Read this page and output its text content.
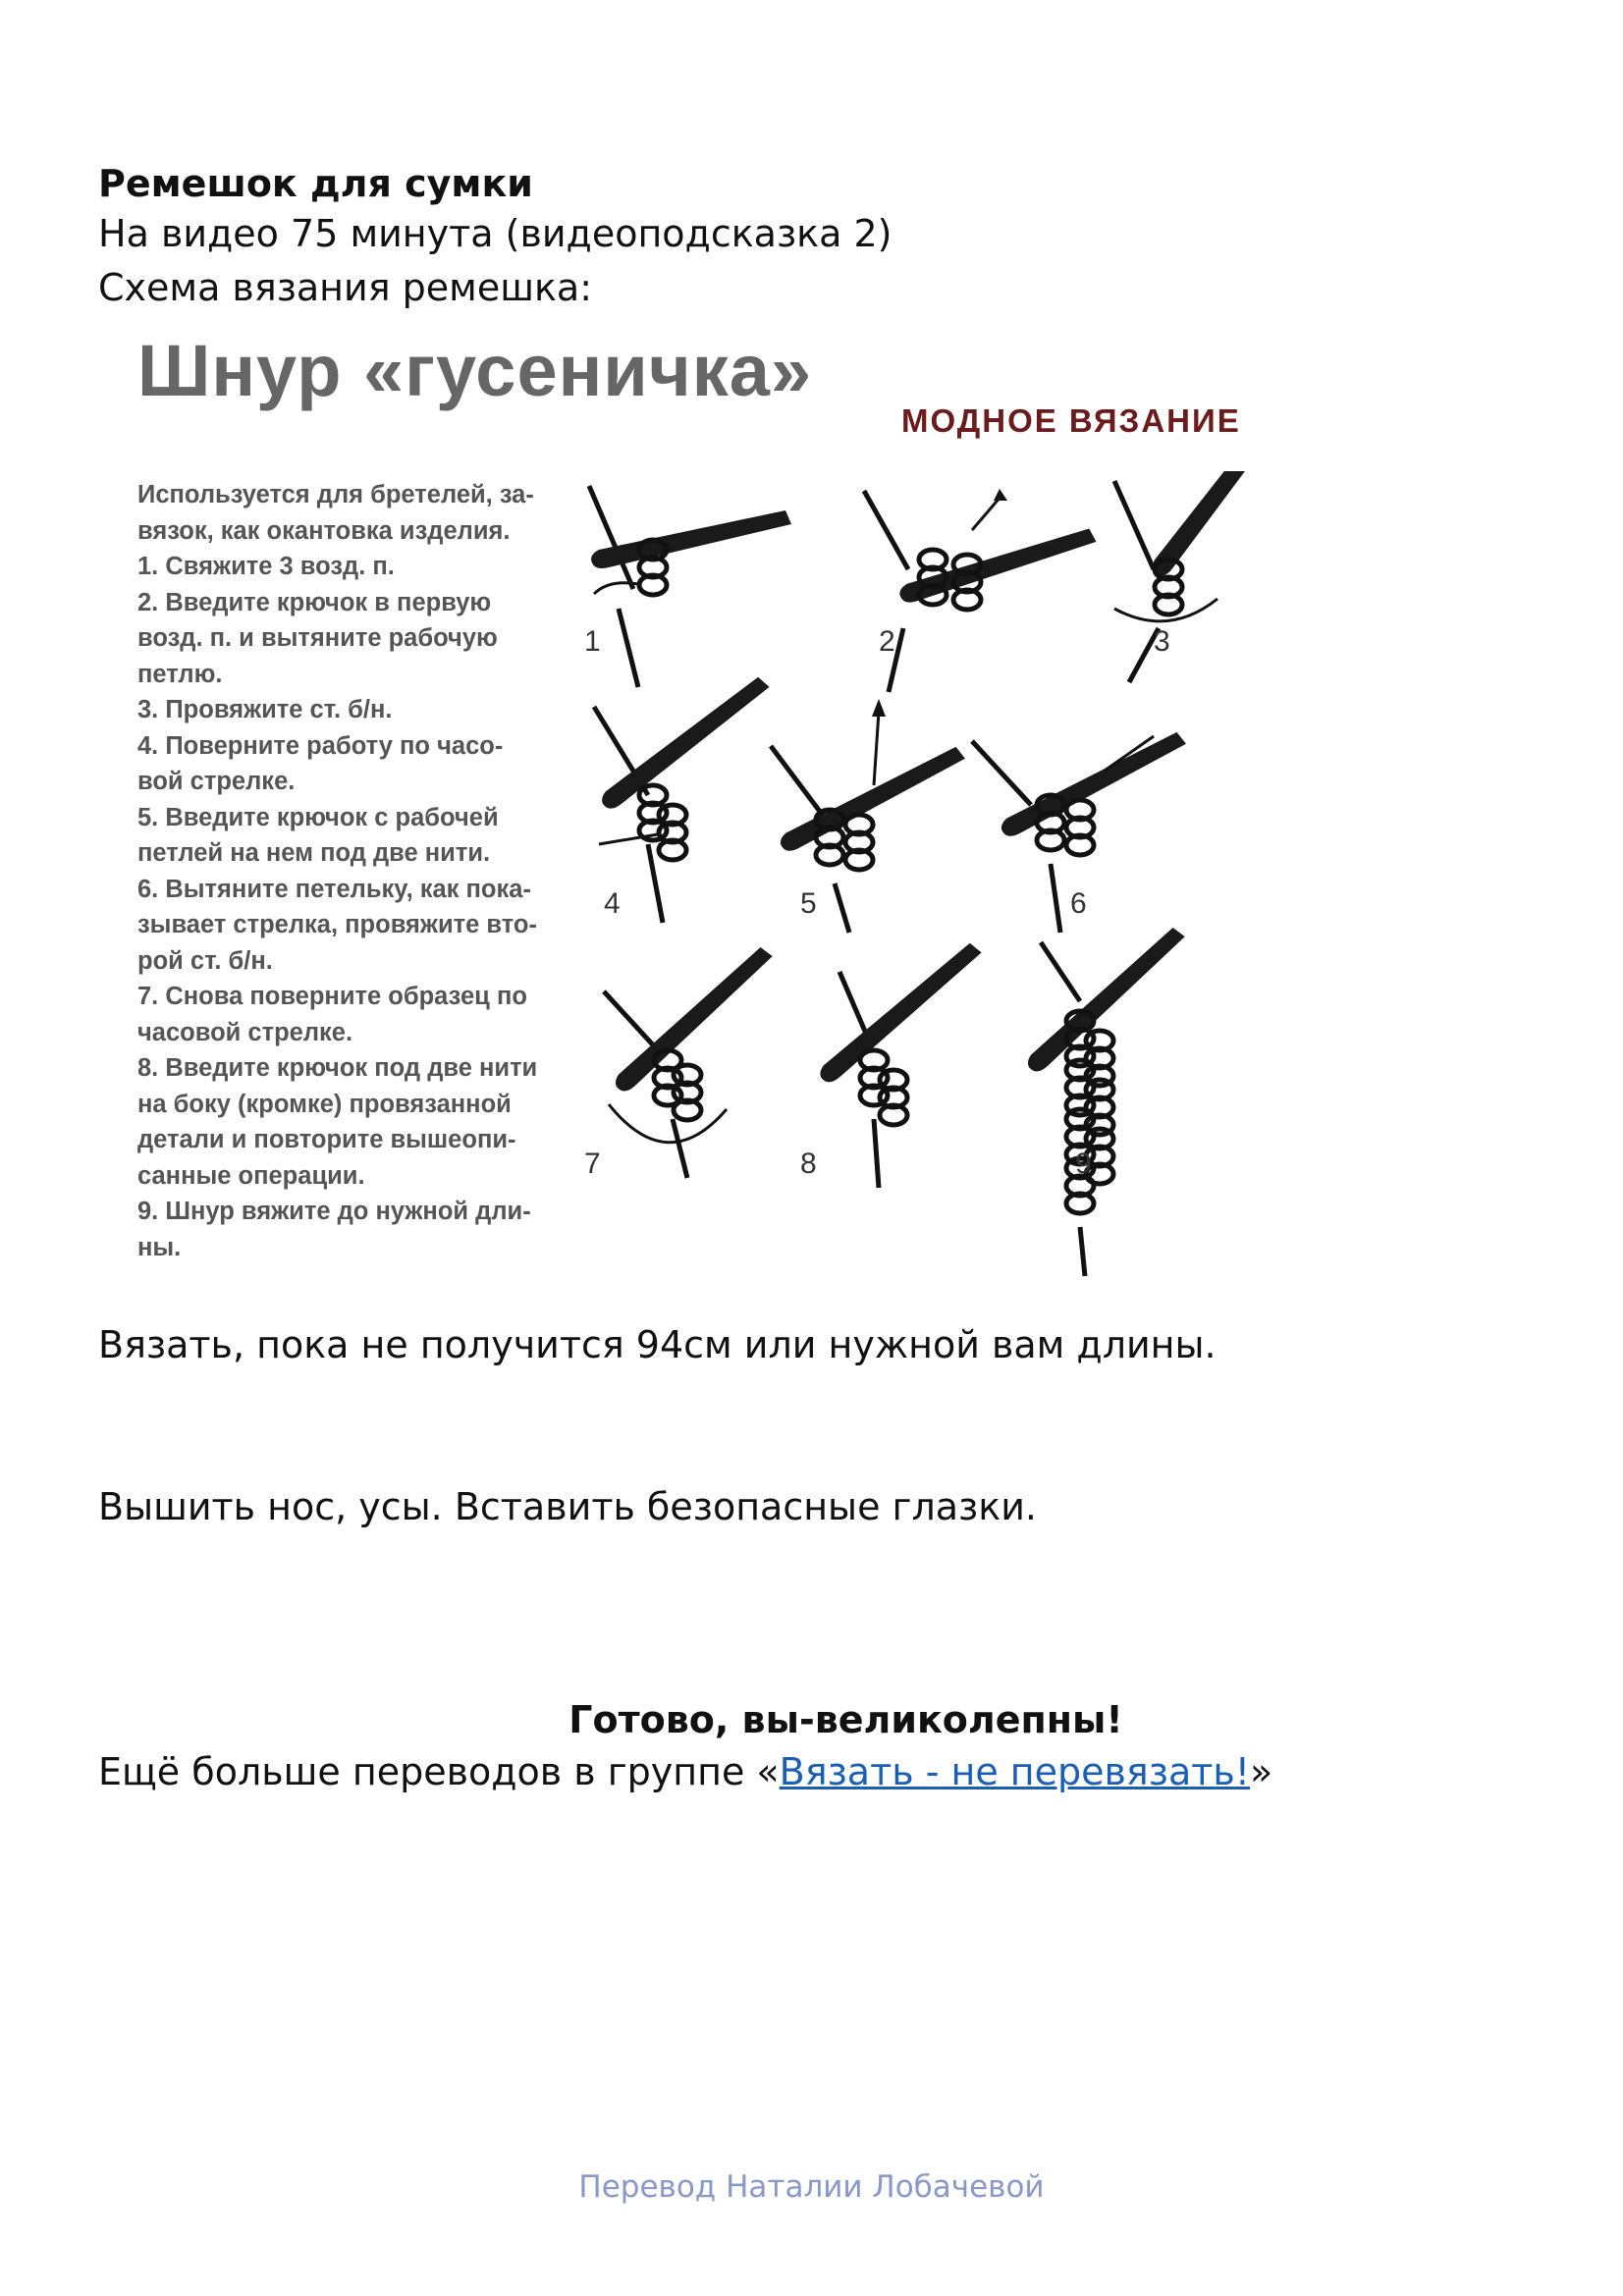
Ремешок для сумки
На видео 75 минута (видеоподсказка 2)
Схема вязания ремешка:
Шнур «гусеничка»
МОДНОЕ ВЯЗАНИЕ
Используется для бретелей, за-
вязок, как окантовка изделия.
1. Свяжите 3 возд. п.
2. Введите крючок в первую
возд. п. и вытяните рабочую
петлю.
3. Провяжите ст. б/н.
4. Поверните работу по часо-
вой стрелке.
5. Введите крючок с рабочей
петлей на нем под две нити.
6. Вытяните петельку, как пока-
зывает стрелка, провяжите вто-
рой ст. б/н.
7. Снова поверните образец по
часовой стрелке.
8. Введите крючок под две нити
на боку (кромке) провязанной
детали и повторите вышеопи-
санные операции.
9. Шнур вяжите до нужной дли-
ны.
1	2	3
4	5	6
7	8	9
Вязать, пока не получится 94см или нужной вам длины.
Вышить нос, усы. Вставить безопасные глазки.
Готово, вы-великолепны!
Ещё больше переводов в группе «Вязать - не перевязать!»
Перевод Наталии Лобачевой
